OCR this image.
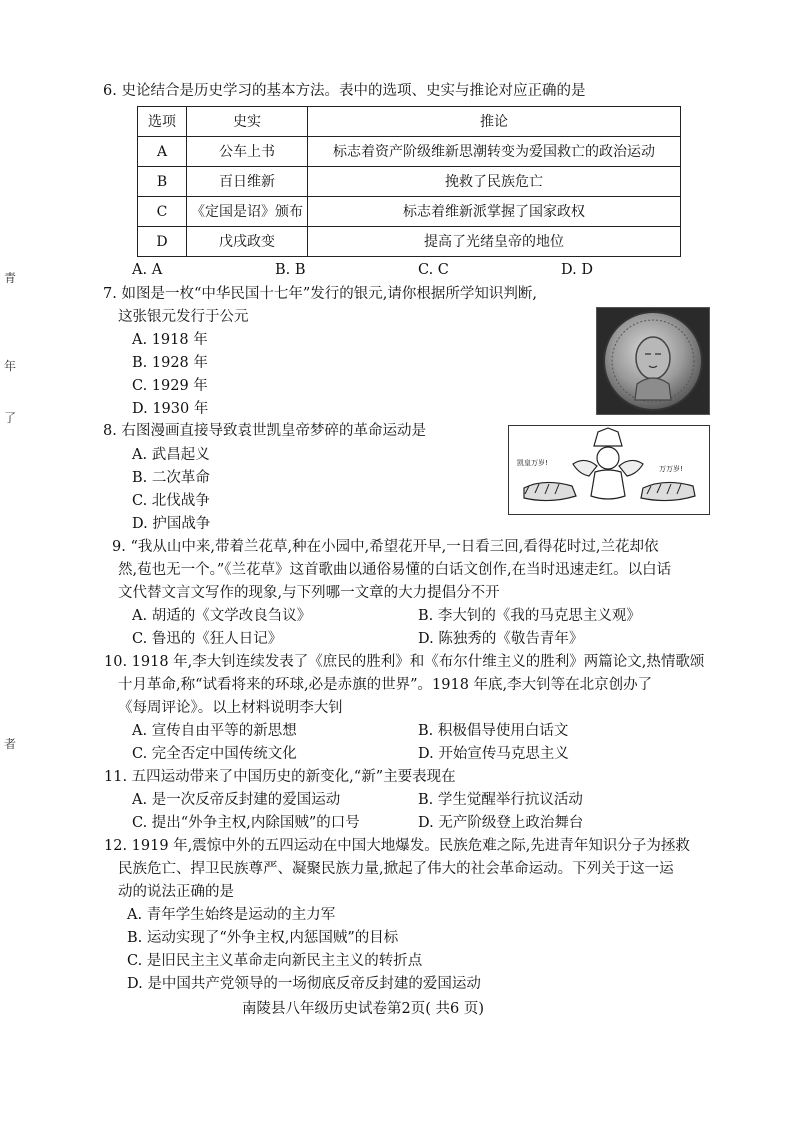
青
年
了
者
6. 史论结合是历史学习的基本方法。表中的选项、史实与推论对应正确的是
选项	史实	推论
A	公车上书	标志着资产阶级维新思潮转变为爱国救亡的政治运动
B	百日维新	挽救了民族危亡
C	《定国是诏》颁布	标志着维新派掌握了国家政权
D	戊戌政变	提高了光绪皇帝的地位
A. A	B. B	C. C	D. D
7. 如图是一枚“中华民国十七年”发行的银元,请你根据所学知识判断,
这张银元发行于公元
A. 1918 年
B. 1928 年
C. 1929 年
D. 1930 年
8. 右图漫画直接导致袁世凯皇帝梦碎的革命运动是
A. 武昌起义
B. 二次革命
C. 北伐战争
D. 护国战争
凯皇万岁!
万万岁!
9. “我从山中来,带着兰花草,种在小园中,希望花开早,一日看三回,看得花时过,兰花却依
然,苞也无一个。”《兰花草》这首歌曲以通俗易懂的白话文创作,在当时迅速走红。以白话
文代替文言文写作的现象,与下列哪一文章的大力提倡分不开
A. 胡适的《文学改良刍议》	B. 李大钊的《我的马克思主义观》
C. 鲁迅的《狂人日记》	D. 陈独秀的《敬告青年》
10. 1918 年,李大钊连续发表了《庶民的胜利》和《布尔什维主义的胜利》两篇论文,热情歌颂
十月革命,称“试看将来的环球,必是赤旗的世界”。1918 年底,李大钊等在北京创办了
《每周评论》。以上材料说明李大钊
A. 宣传自由平等的新思想	B. 积极倡导使用白话文
C. 完全否定中国传统文化	D. 开始宣传马克思主义
11. 五四运动带来了中国历史的新变化,“新”主要表现在
A. 是一次反帝反封建的爱国运动	B. 学生觉醒举行抗议活动
C. 提出“外争主权,内除国贼”的口号	D. 无产阶级登上政治舞台
12. 1919 年,震惊中外的五四运动在中国大地爆发。民族危难之际,先进青年知识分子为拯救
民族危亡、捍卫民族尊严、凝聚民族力量,掀起了伟大的社会革命运动。下列关于这一运
动的说法正确的是
A. 青年学生始终是运动的主力军
B. 运动实现了“外争主权,内惩国贼”的目标
C. 是旧民主主义革命走向新民主主义的转折点
D. 是中国共产党领导的一场彻底反帝反封建的爱国运动
南陵县八年级历史试卷第2页( 共6 页)
